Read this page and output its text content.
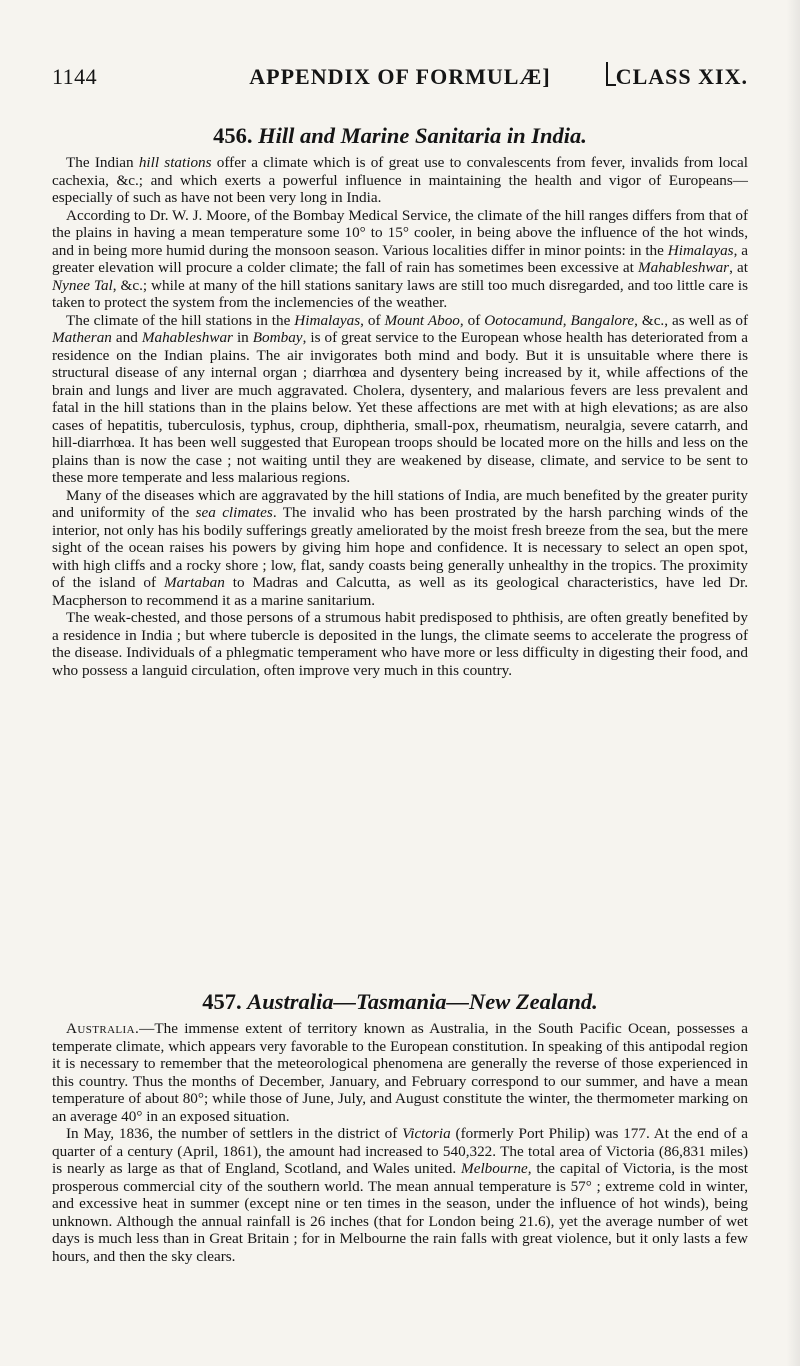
1144	APPENDIX OF FORMULÆ]	CLASS XIX.
456. Hill and Marine Sanitaria in India.

The Indian hill stations offer a climate which is of great use to convalescents from fever, invalids from local cachexia, &c.; and which exerts a powerful influence in maintaining the health and vigor of Europeans—especially of such as have not been very long in India.

According to Dr. W. J. Moore, of the Bombay Medical Service, the climate of the hill ranges differs from that of the plains in having a mean temperature some 10° to 15° cooler, in being above the influence of the hot winds, and in being more humid during the monsoon season. Various localities differ in minor points: in the Himalayas, a greater elevation will procure a colder climate; the fall of rain has sometimes been excessive at Mahableshwar, at Nynee Tal, &c.; while at many of the hill stations sanitary laws are still too much disregarded, and too little care is taken to protect the system from the inclemencies of the weather.

The climate of the hill stations in the Himalayas, of Mount Aboo, of Ootocamund, Bangalore, &c., as well as of Matheran and Mahableshwar in Bombay, is of great service to the European whose health has deteriorated from a residence on the Indian plains. The air invigorates both mind and body. But it is unsuitable where there is structural disease of any internal organ ; diarrhœa and dysentery being increased by it, while affections of the brain and lungs and liver are much aggravated. Cholera, dysentery, and malarious fevers are less prevalent and fatal in the hill stations than in the plains below. Yet these affections are met with at high elevations; as are also cases of hepatitis, tuberculosis, typhus, croup, diphtheria, small-pox, rheumatism, neuralgia, severe catarrh, and hill-diarrhœa. It has been well suggested that European troops should be located more on the hills and less on the plains than is now the case ; not waiting until they are weakened by disease, climate, and service to be sent to these more temperate and less malarious regions.

Many of the diseases which are aggravated by the hill stations of India, are much benefited by the greater purity and uniformity of the sea climates. The invalid who has been prostrated by the harsh parching winds of the interior, not only has his bodily sufferings greatly ameliorated by the moist fresh breeze from the sea, but the mere sight of the ocean raises his powers by giving him hope and confidence. It is necessary to select an open spot, with high cliffs and a rocky shore ; low, flat, sandy coasts being generally unhealthy in the tropics. The proximity of the island of Martaban to Madras and Calcutta, as well as its geological characteristics, have led Dr. Macpherson to recommend it as a marine sanitarium.

The weak-chested, and those persons of a strumous habit predisposed to phthisis, are often greatly benefited by a residence in India ; but where tubercle is deposited in the lungs, the climate seems to accelerate the progress of the disease. Individuals of a phlegmatic temperament who have more or less difficulty in digesting their food, and who possess a languid circulation, often improve very much in this country.

457. Australia—Tasmania—New Zealand.

Australia.—The immense extent of territory known as Australia, in the South Pacific Ocean, possesses a temperate climate, which appears very favorable to the European constitution. In speaking of this antipodal region it is necessary to remember that the meteorological phenomena are generally the reverse of those experienced in this country. Thus the months of December, January, and February correspond to our summer, and have a mean temperature of about 80°; while those of June, July, and August constitute the winter, the thermometer marking on an average 40° in an exposed situation.

In May, 1836, the number of settlers in the district of Victoria (formerly Port Philip) was 177. At the end of a quarter of a century (April, 1861), the amount had increased to 540,322. The total area of Victoria (86,831 miles) is nearly as large as that of England, Scotland, and Wales united. Melbourne, the capital of Victoria, is the most prosperous commercial city of the southern world. The mean annual temperature is 57° ; extreme cold in winter, and excessive heat in summer (except nine or ten times in the season, under the influence of hot winds), being unknown. Although the annual rainfall is 26 inches (that for London being 21.6), yet the average number of wet days is much less than in Great Britain ; for in Melbourne the rain falls with great violence, but it only lasts a few hours, and then the sky clears.
